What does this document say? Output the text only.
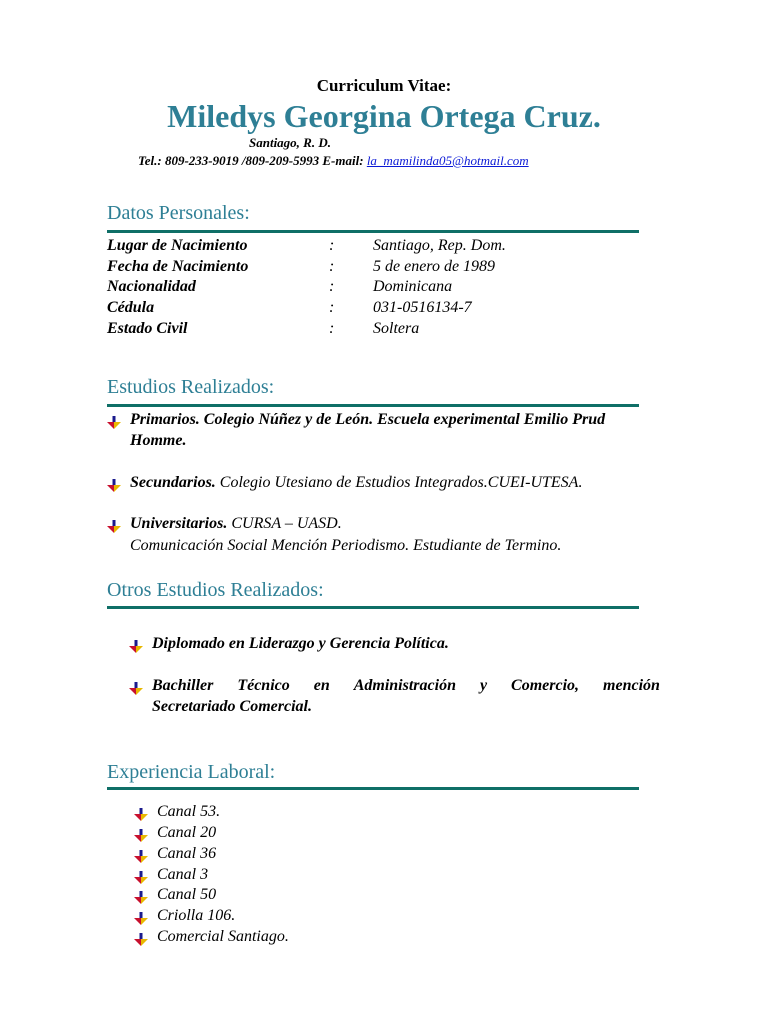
Curriculum Vitae:
Miledys Georgina Ortega Cruz.
Santiago, R. D.
Tel.: 809-233-9019 /809-209-5993 E-mail: la_mamilinda05@hotmail.com
Datos Personales:
Lugar de Nacimiento	: Santiago, Rep. Dom.
Fecha de Nacimiento	: 5 de enero de 1989
Nacionalidad	: Dominicana
Cédula	: 031-0516134-7
Estado Civil	: Soltera
Estudios Realizados:
Primarios. Colegio Núñez y de León. Escuela experimental Emilio Prud
Homme.
Secundarios. Colegio Utesiano de Estudios Integrados.CUEI-UTESA.
Universitarios. CURSA – UASD.
Comunicación Social Mención Periodismo. Estudiante de Termino.
Otros Estudios Realizados:
Diplomado en Liderazgo y Gerencia Política.
Bachiller Técnico en Administración y Comercio, mención
Secretariado Comercial.
Experiencia Laboral:
Canal 53.
Canal 20
Canal 36
Canal 3
Canal 50
Criolla 106.
Comercial Santiago.
